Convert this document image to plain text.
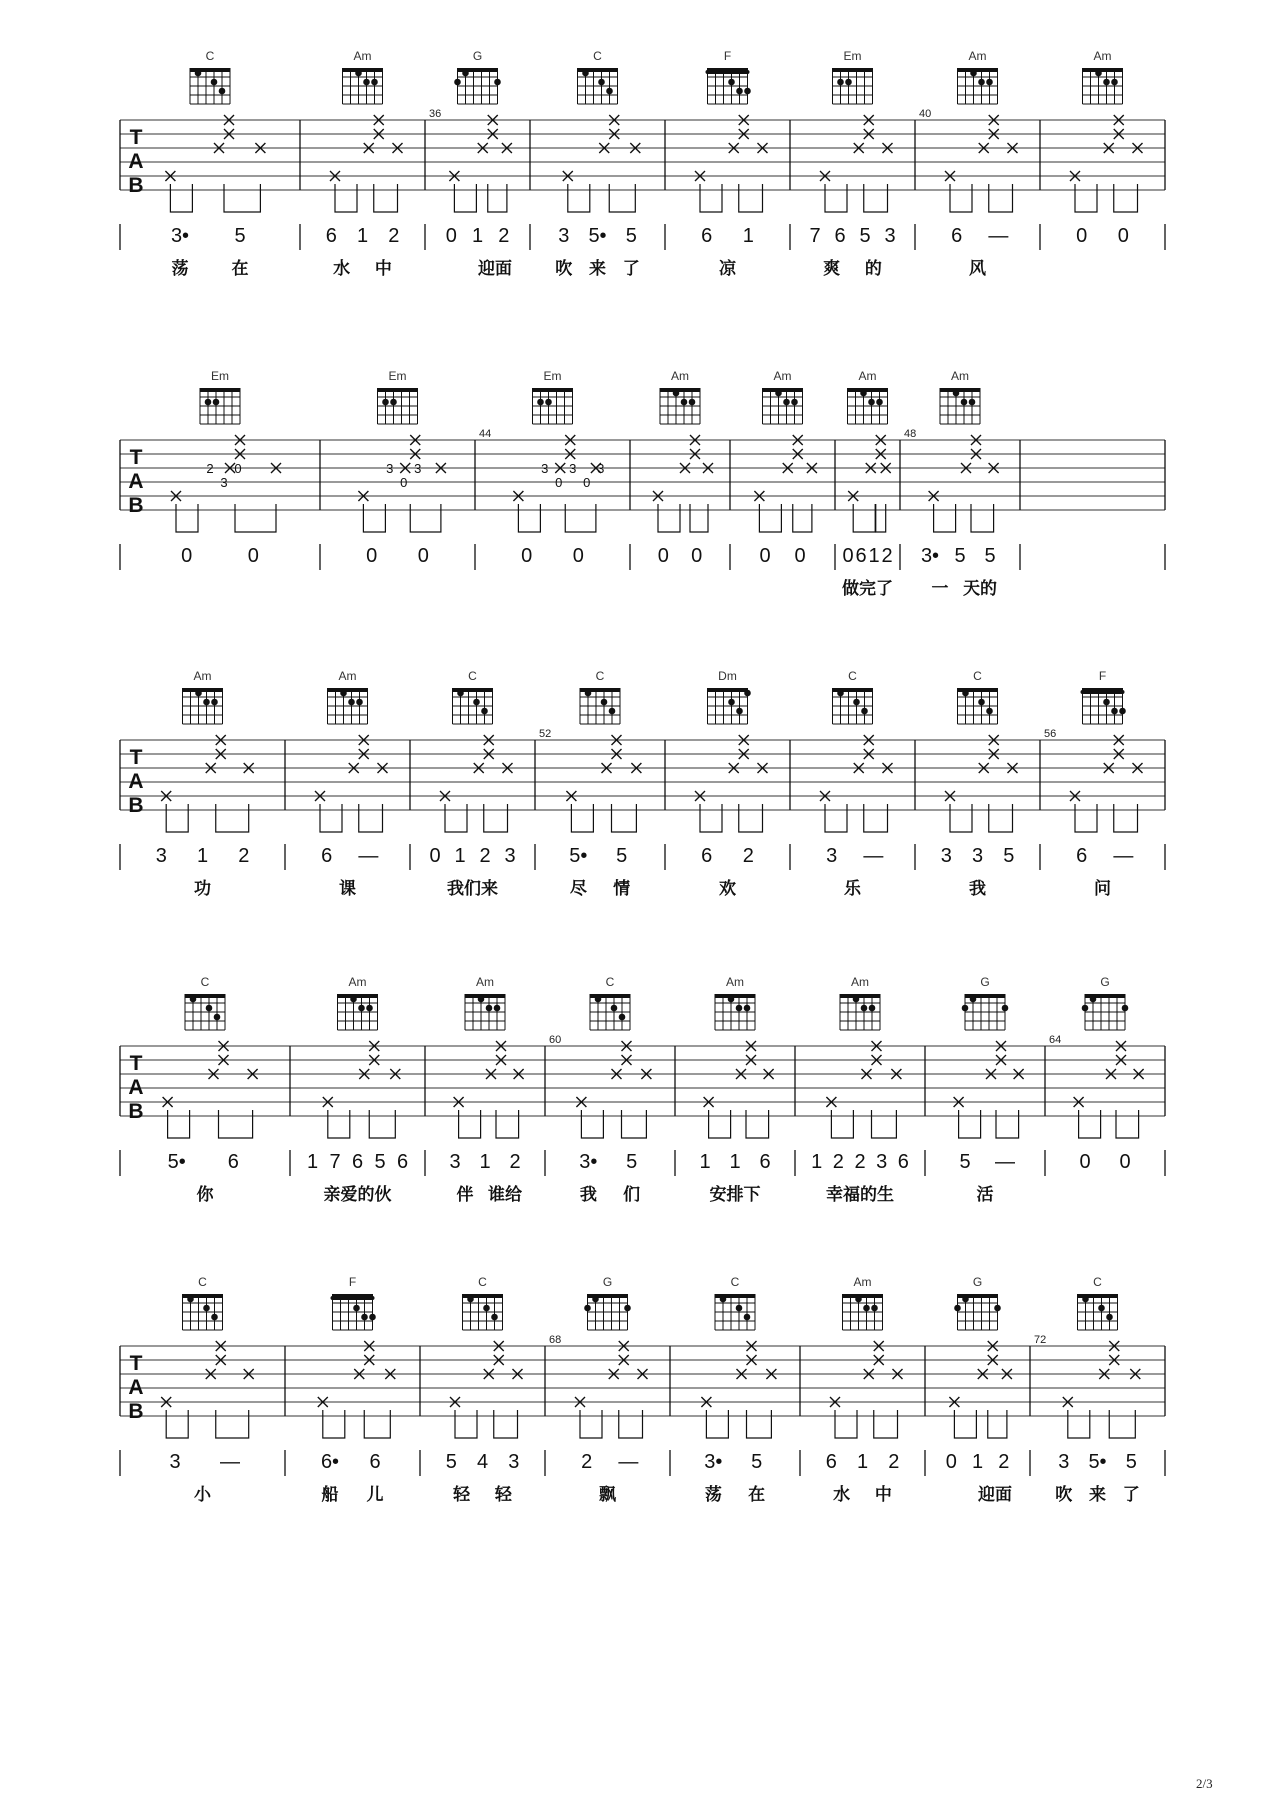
T
A
B
C
3• 5
荡	在
Am
6 1 2
水 中
G
36
0 1 2
迎面
C
3 5• 5
吹 来 了
F
6 1
凉
Em
7 6 5 3
爽 的
Am
40
6 —
风
Am
0 0
T
A
B
Em
2
3
0
0	0
Em
3
0
3
0 0
Em
44
3
0
3
0
3
0 0
Am
0 0
Am
0 0
Am
0 6 1 2
做完了
Am
48
3• 5 5
一 天的
T
A
B
Am
3 1 2
功
Am
6 —
课
C
0 1 2 3
我们来
C
52
5• 5
尽 情
Dm
6 2
欢
C
3 —
乐
C
3 3 5
我
F
56
6 —
问
T
A
B
C
5• 6
你
Am
1 7 6 5 6
亲爱的伙
Am
3 1 2
伴 谁给
C
60
3• 5
我 们
Am
1 1 6
安排下
Am
1 2 2 3 6
幸福的生
G
5 —
活
G
64
0 0
T
A
B
C
3 —
小
F
6• 6
船 儿
C
5 4 3
轻 轻
G
68
2 —
飘
C
3• 5
荡 在
Am
6 1 2
水 中
G
0 1 2
迎面
C
72
3 5• 5
吹 来 了
2/3
